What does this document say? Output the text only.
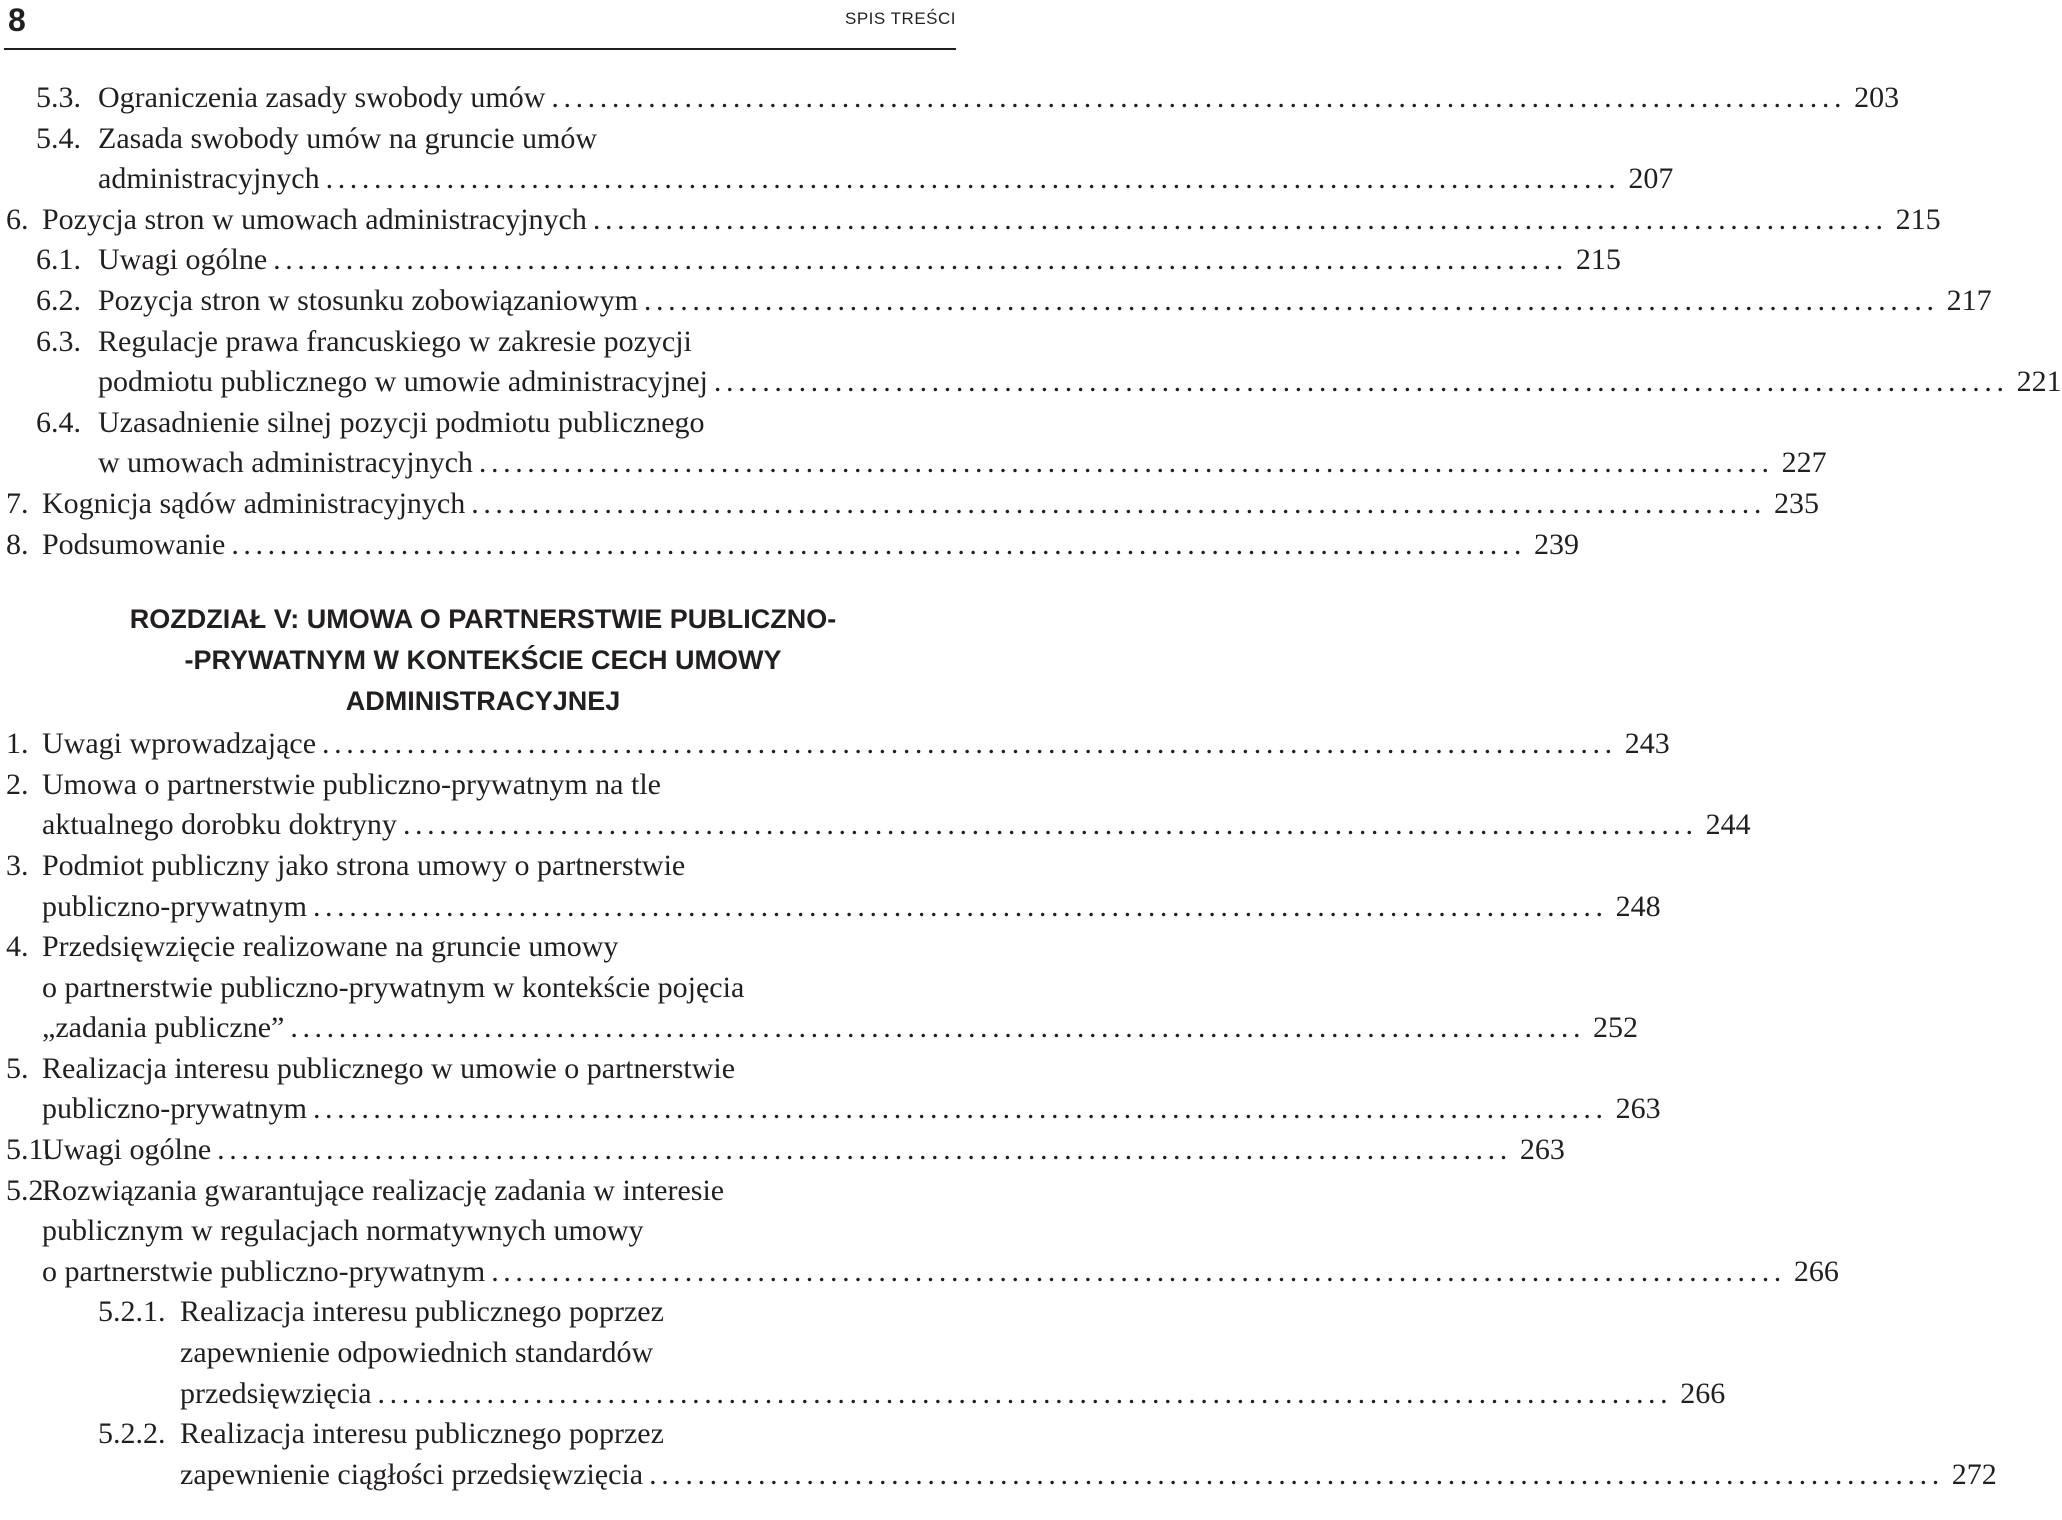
8	SPIS TREŚCI
5.3. Ograniczenia zasady swobody umów ........................................................................................................... 203
5.4. Zasada swobody umów na gruncie umów
administracyjnych ........................................................................................................... 207
6. Pozycja stron w umowach administracyjnych ........................................................................................................... 215
6.1. Uwagi ogólne ........................................................................................................... 215
6.2. Pozycja stron w stosunku zobowiązaniowym ........................................................................................................... 217
6.3. Regulacje prawa francuskiego w zakresie pozycji
podmiotu publicznego w umowie administracyjnej ........................................................................................................... 221
6.4. Uzasadnienie silnej pozycji podmiotu publicznego
w umowach administracyjnych ........................................................................................................... 227
7. Kognicja sądów administracyjnych ........................................................................................................... 235
8. Podsumowanie ........................................................................................................... 239
ROZDZIAŁ V: UMOWA O PARTNERSTWIE PUBLICZNO-
-PRYWATNYM W KONTEKŚCIE CECH UMOWY
ADMINISTRACYJNEJ
1. Uwagi wprowadzające ........................................................................................................... 243
2. Umowa o partnerstwie publiczno-prywatnym na tle
aktualnego dorobku doktryny ........................................................................................................... 244
3. Podmiot publiczny jako strona umowy o partnerstwie
publiczno-prywatnym ........................................................................................................... 248
4. Przedsięwzięcie realizowane na gruncie umowy
o partnerstwie publiczno-prywatnym w kontekście pojęcia
„zadania publiczne” ........................................................................................................... 252
5. Realizacja interesu publicznego w umowie o partnerstwie
publiczno-prywatnym ........................................................................................................... 263
5.1.
Uwagi ogólne ........................................................................................................... 263
5.2.
Rozwiązania gwarantujące realizację zadania w interesie
publicznym w regulacjach normatywnych umowy
o partnerstwie publiczno-prywatnym ........................................................................................................... 266
5.2.1. Realizacja interesu publicznego poprzez
zapewnienie odpowiednich standardów
przedsięwzięcia ........................................................................................................... 266
5.2.2. Realizacja interesu publicznego poprzez
zapewnienie ciągłości przedsięwzięcia ........................................................................................................... 272
